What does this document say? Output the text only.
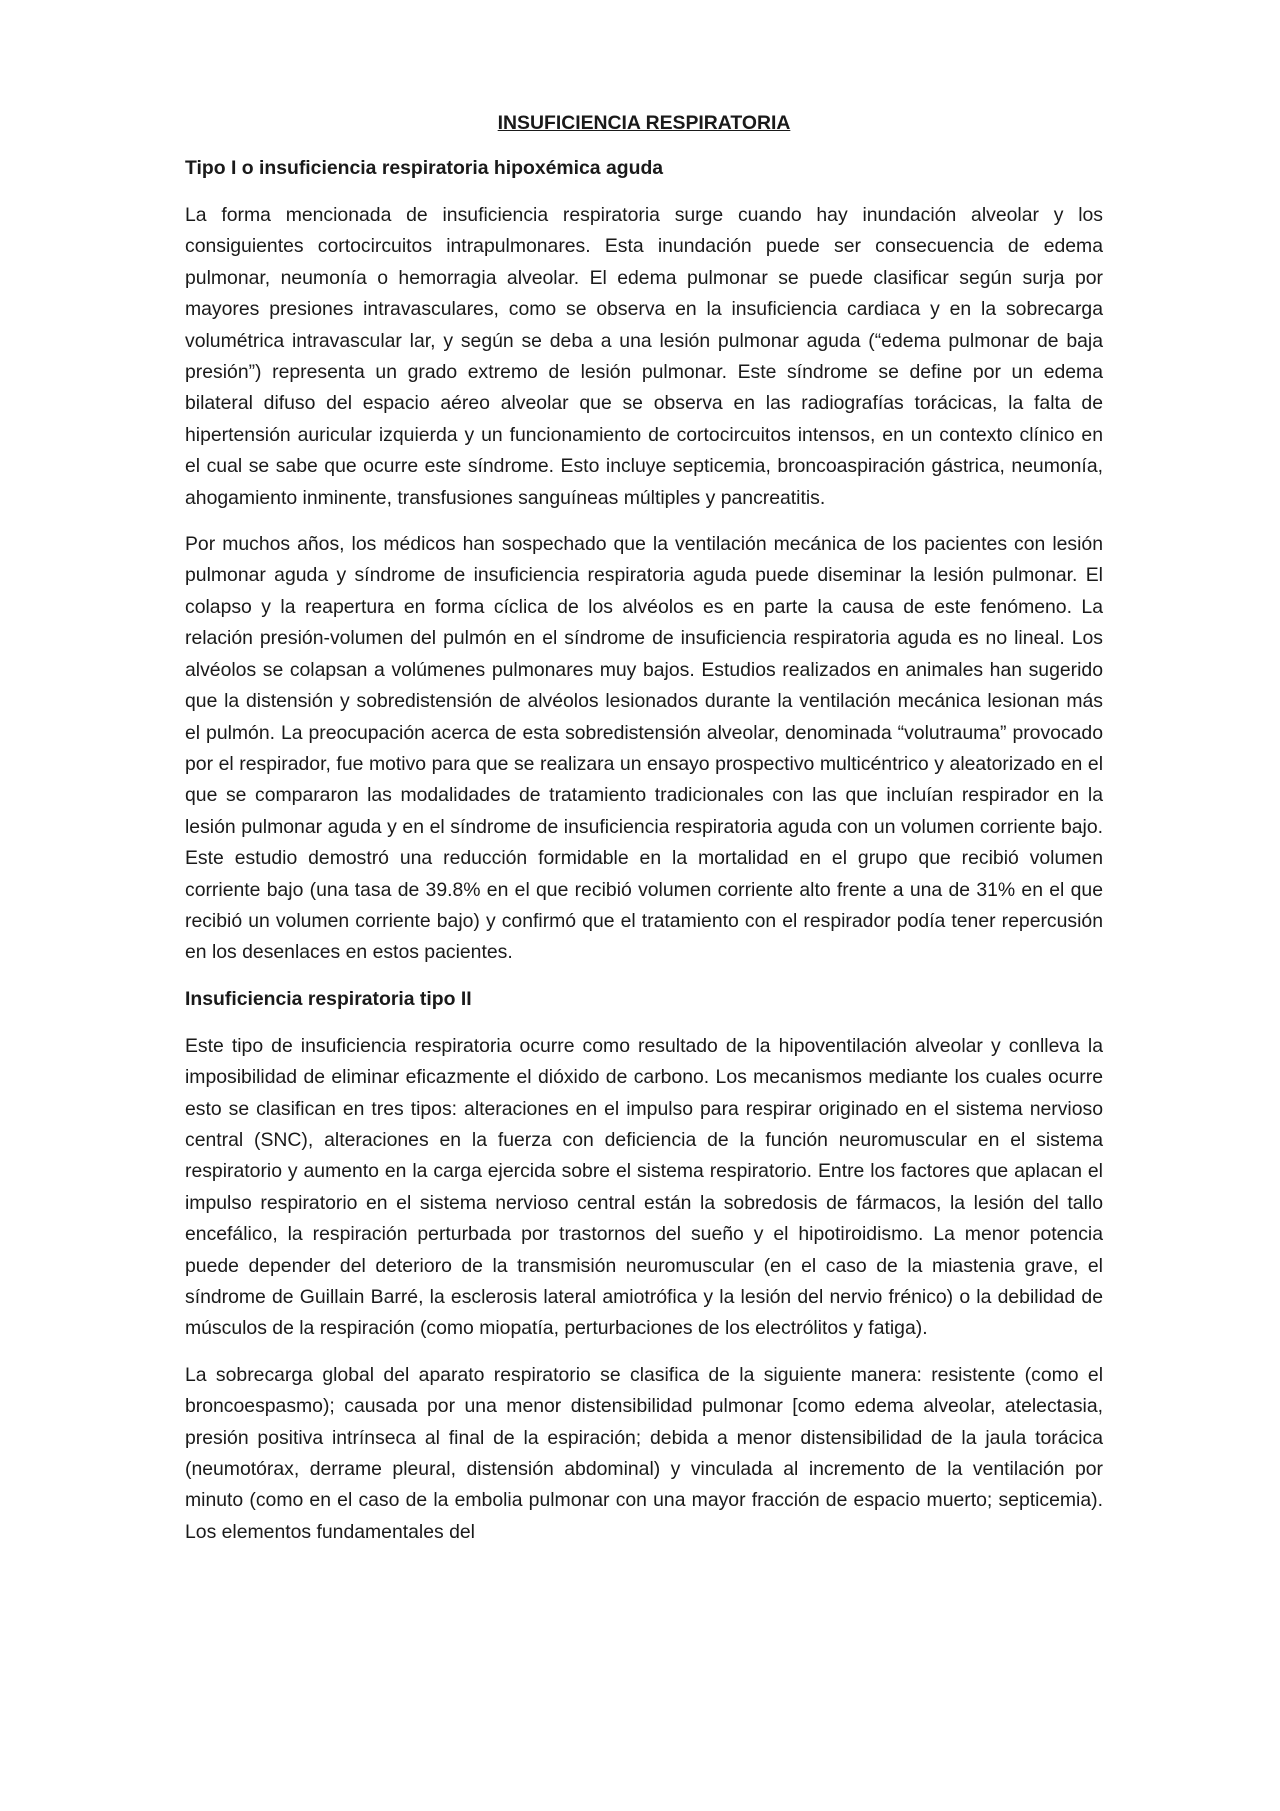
INSUFICIENCIA RESPIRATORIA
Tipo I o insuficiencia respiratoria hipoxémica aguda

La forma mencionada de insuficiencia respiratoria surge cuando hay inundación alveolar y los consiguientes cortocircuitos intrapulmonares. Esta inundación puede ser consecuencia de edema pulmonar, neumonía o hemorragia alveolar. El edema pulmonar se puede clasificar según surja por mayores presiones intravasculares, como se observa en la insuficiencia cardiaca y en la sobrecarga volumétrica intravascular lar, y según se deba a una lesión pulmonar aguda (“edema pulmonar de baja presión”) representa un grado extremo de lesión pulmonar. Este síndrome se define por un edema bilateral difuso del espacio aéreo alveolar que se observa en las radiografías torácicas, la falta de hipertensión auricular izquierda y un funcionamiento de cortocircuitos intensos, en un contexto clínico en el cual se sabe que ocurre este síndrome. Esto incluye septicemia, broncoaspiración gástrica, neumonía, ahogamiento inminente, transfusiones sanguíneas múltiples y pancreatitis.

Por muchos años, los médicos han sospechado que la ventilación mecánica de los pacientes con lesión pulmonar aguda y síndrome de insuficiencia respiratoria aguda puede diseminar la lesión pulmonar. El colapso y la reapertura en forma cíclica de los alvéolos es en parte la causa de este fenómeno. La relación presión-volumen del pulmón en el síndrome de insuficiencia respiratoria aguda es no lineal. Los alvéolos se colapsan a volúmenes pulmonares muy bajos. Estudios realizados en animales han sugerido que la distensión y sobredistensión de alvéolos lesionados durante la ventilación mecánica lesionan más el pulmón. La preocupación acerca de esta sobredistensión alveolar, denominada “volutrauma” provocado por el respirador, fue motivo para que se realizara un ensayo prospectivo multicéntrico y aleatorizado en el que se compararon las modalidades de tratamiento tradicionales con las que incluían respirador en la lesión pulmonar aguda y en el síndrome de insuficiencia respiratoria aguda con un volumen corriente bajo. Este estudio demostró una reducción formidable en la mortalidad en el grupo que recibió volumen corriente bajo (una tasa de 39.8% en el que recibió volumen corriente alto frente a una de 31% en el que recibió un volumen corriente bajo) y confirmó que el tratamiento con el respirador podía tener repercusión en los desenlaces en estos pacientes.

Insuficiencia respiratoria tipo II

Este tipo de insuficiencia respiratoria ocurre como resultado de la hipoventilación alveolar y conlleva la imposibilidad de eliminar eficazmente el dióxido de carbono. Los mecanismos mediante los cuales ocurre esto se clasifican en tres tipos: alteraciones en el impulso para respirar originado en el sistema nervioso central (SNC), alteraciones en la fuerza con deficiencia de la función neuromuscular en el sistema respiratorio y aumento en la carga ejercida sobre el sistema respiratorio. Entre los factores que aplacan el impulso respiratorio en el sistema nervioso central están la sobredosis de fármacos, la lesión del tallo encefálico, la respiración perturbada por trastornos del sueño y el hipotiroidismo. La menor potencia puede depender del deterioro de la transmisión neuromuscular (en el caso de la miastenia grave, el síndrome de Guillain Barré, la esclerosis lateral amiotrófica y la lesión del nervio frénico) o la debilidad de músculos de la respiración (como miopatía, perturbaciones de los electrólitos y fatiga).

La sobrecarga global del aparato respiratorio se clasifica de la siguiente manera: resistente (como el broncoespasmo); causada por una menor distensibilidad pulmonar [como edema alveolar, atelectasia, presión positiva intrínseca al final de la espiración; debida a menor distensibilidad de la jaula torácica (neumotórax, derrame pleural, distensión abdominal) y vinculada al incremento de la ventilación por minuto (como en el caso de la embolia pulmonar con una mayor fracción de espacio muerto; septicemia). Los elementos fundamentales del
